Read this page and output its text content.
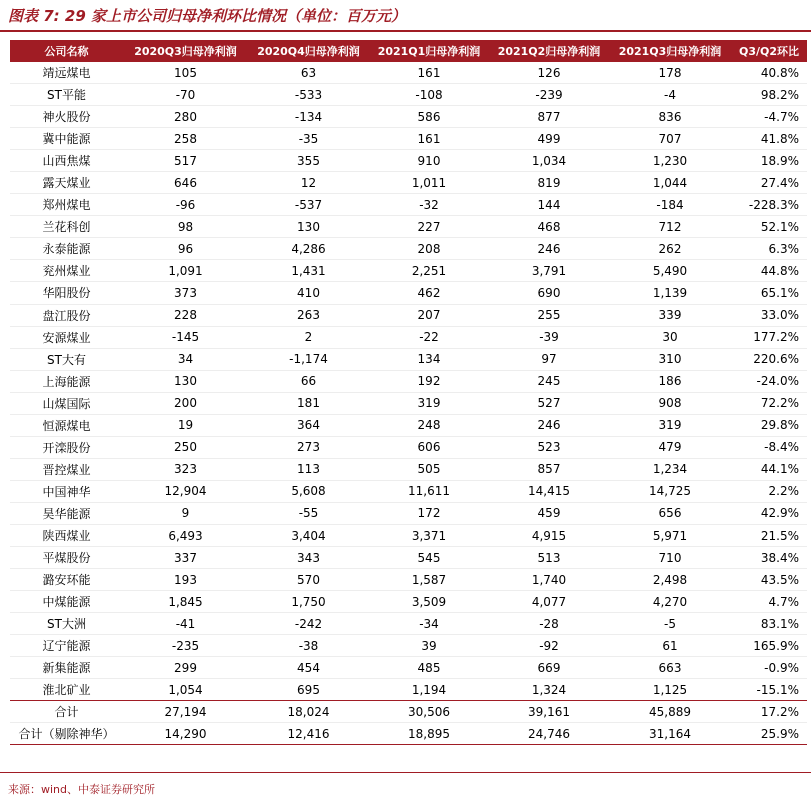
图表 7: 29 家上市公司归母净利环比情况（单位：百万元）
公司名称	2020Q3归母净利润	2020Q4归母净利润	2021Q1归母净利润	2021Q2归母净利润	2021Q3归母净利润	Q3/Q2环比
靖远煤电	105	63	161	126	178	40.8%
ST平能	-70	-533	-108	-239	-4	98.2%
神火股份	280	-134	586	877	836	-4.7%
冀中能源	258	-35	161	499	707	41.8%
山西焦煤	517	355	910	1,034	1,230	18.9%
露天煤业	646	12	1,011	819	1,044	27.4%
郑州煤电	-96	-537	-32	144	-184	-228.3%
兰花科创	98	130	227	468	712	52.1%
永泰能源	96	4,286	208	246	262	6.3%
兖州煤业	1,091	1,431	2,251	3,791	5,490	44.8%
华阳股份	373	410	462	690	1,139	65.1%
盘江股份	228	263	207	255	339	33.0%
安源煤业	-145	2	-22	-39	30	177.2%
ST大有	34	-1,174	134	97	310	220.6%
上海能源	130	66	192	245	186	-24.0%
山煤国际	200	181	319	527	908	72.2%
恒源煤电	19	364	248	246	319	29.8%
开滦股份	250	273	606	523	479	-8.4%
晋控煤业	323	113	505	857	1,234	44.1%
中国神华	12,904	5,608	11,611	14,415	14,725	2.2%
昊华能源	9	-55	172	459	656	42.9%
陕西煤业	6,493	3,404	3,371	4,915	5,971	21.5%
平煤股份	337	343	545	513	710	38.4%
潞安环能	193	570	1,587	1,740	2,498	43.5%
中煤能源	1,845	1,750	3,509	4,077	4,270	4.7%
ST大洲	-41	-242	-34	-28	-5	83.1%
辽宁能源	-235	-38	39	-92	61	165.9%
新集能源	299	454	485	669	663	-0.9%
淮北矿业	1,054	695	1,194	1,324	1,125	-15.1%
合计	27,194	18,024	30,506	39,161	45,889	17.2%
合计（剔除神华）	14,290	12,416	18,895	24,746	31,164	25.9%
来源：wind、中泰证券研究所
